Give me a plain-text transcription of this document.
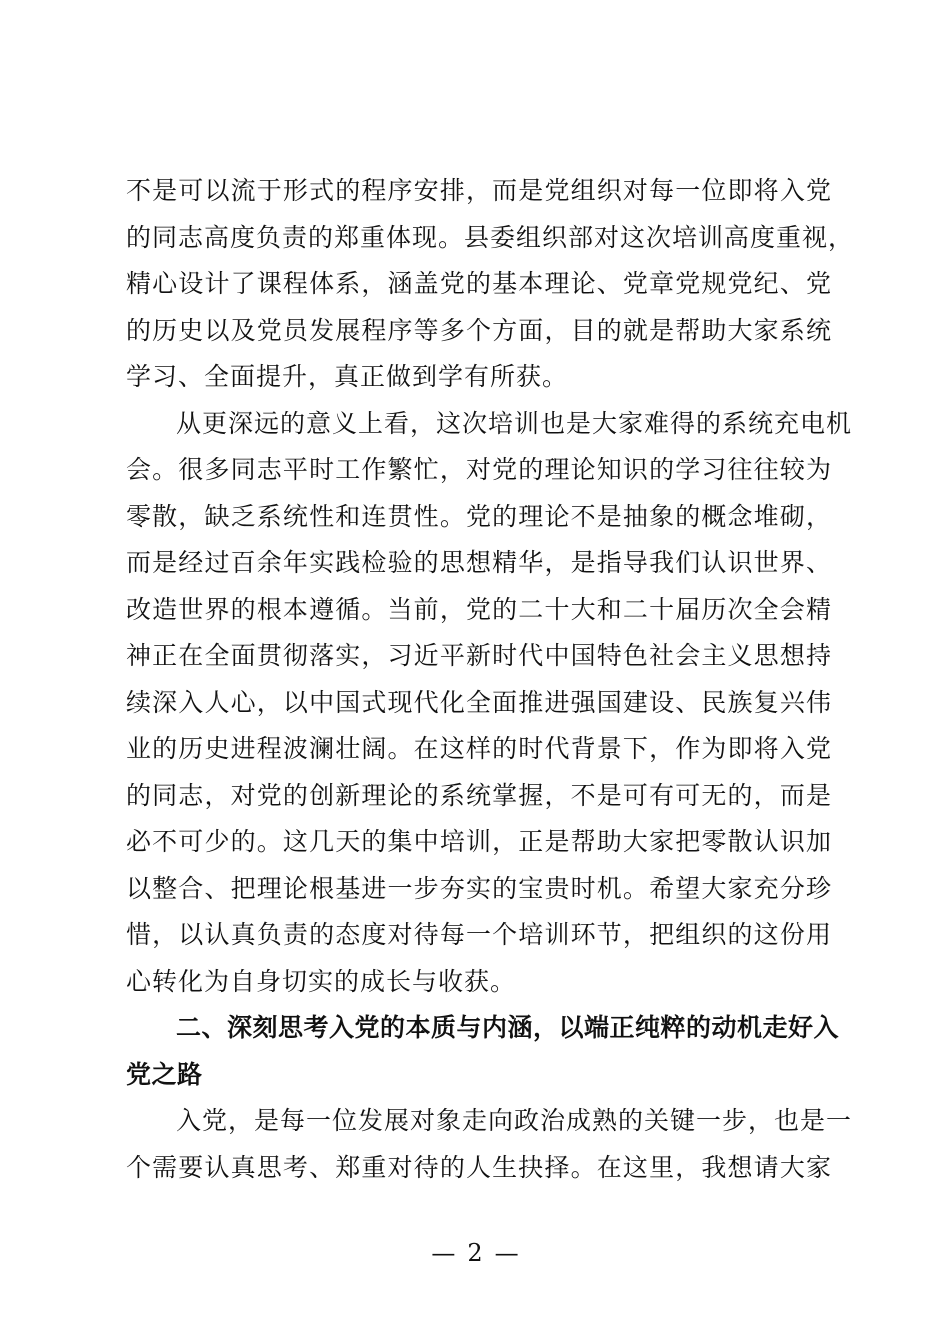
不是可以流于形式的程序安排，而是党组织对每一位即将入党
的同志高度负责的郑重体现。县委组织部对这次培训高度重视，
精心设计了课程体系，涵盖党的基本理论、党章党规党纪、党
的历史以及党员发展程序等多个方面，目的就是帮助大家系统
学习、全面提升，真正做到学有所获。
从更深远的意义上看，这次培训也是大家难得的系统充电机
会。很多同志平时工作繁忙，对党的理论知识的学习往往较为
零散，缺乏系统性和连贯性。党的理论不是抽象的概念堆砌，
而是经过百余年实践检验的思想精华，是指导我们认识世界、
改造世界的根本遵循。当前，党的二十大和二十届历次全会精
神正在全面贯彻落实，习近平新时代中国特色社会主义思想持
续深入人心，以中国式现代化全面推进强国建设、民族复兴伟
业的历史进程波澜壮阔。在这样的时代背景下，作为即将入党
的同志，对党的创新理论的系统掌握，不是可有可无的，而是
必不可少的。这几天的集中培训，正是帮助大家把零散认识加
以整合、把理论根基进一步夯实的宝贵时机。希望大家充分珍
惜，以认真负责的态度对待每一个培训环节，把组织的这份用
心转化为自身切实的成长与收获。
二、深刻思考入党的本质与内涵，以端正纯粹的动机走好入
党之路
入党，是每一位发展对象走向政治成熟的关键一步，也是一
个需要认真思考、郑重对待的人生抉择。在这里，我想请大家
— 2 —
